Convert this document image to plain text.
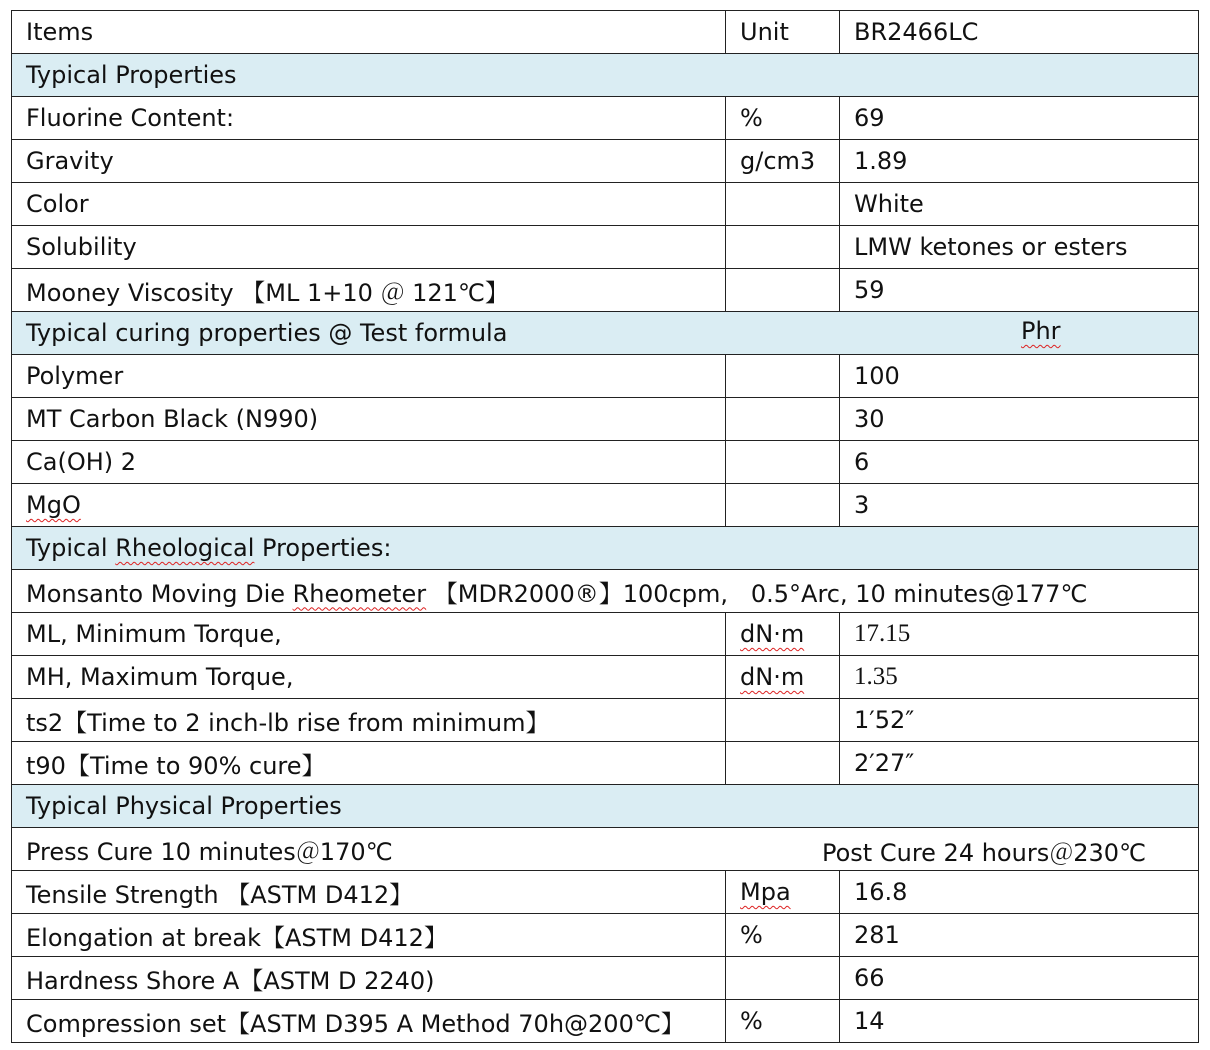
Items	Unit	BR2466LC
Typical Properties		
Fluorine Content:	%	69
Gravity	g/cm3	1.89
Color		White
Solubility		LMW ketones or esters
Mooney Viscosity 【ML 1+10 ＠ 121℃】		59
Typical curing properties @ Test formula Phr		

Polymer		100
MT Carbon Black (N990)		30
Ca(OH) 2		6
MgO		3
Typical Rheological Properties:		
Monsanto Moving Die Rheometer 【MDR2000®】100cpm,   0.5°Arc, 10 minutes@177℃		
ML, Minimum Torque,	dN·m	17.15
MH, Maximum Torque,	dN·m	1.35
ts2【Time to 2 inch-lb rise from minimum】		1′52″
t90【Time to 90% cure】		2′27″
Typical Physical Properties		
Press Cure 10 minutes＠170℃ Post Cure 24 hours＠230℃		

Tensile Strength 【ASTM D412】	Mpa	16.8
Elongation at break【ASTM D412】	%	281
Hardness Shore A【ASTM D 2240)		66
Compression set【ASTM D395 A Method 70h@200℃】	%	14
